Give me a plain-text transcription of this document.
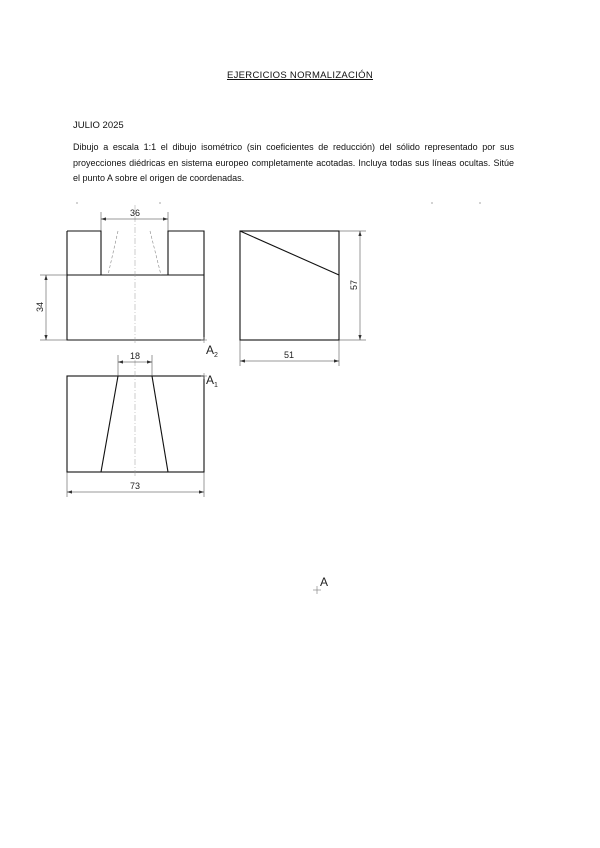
EJERCICIOS NORMALIZACIÓN
JULIO 2025

Dibujo a escala 1:1 el dibujo isométrico (sin coeficientes de reducción) del sólido representado por sus proyecciones diédricas en sistema europeo completamente acotadas. Incluya todas sus líneas ocultas. Sitúe el punto A sobre el origen de coordenadas.

36
34
A 2
57
51
18
73
A 1
A
